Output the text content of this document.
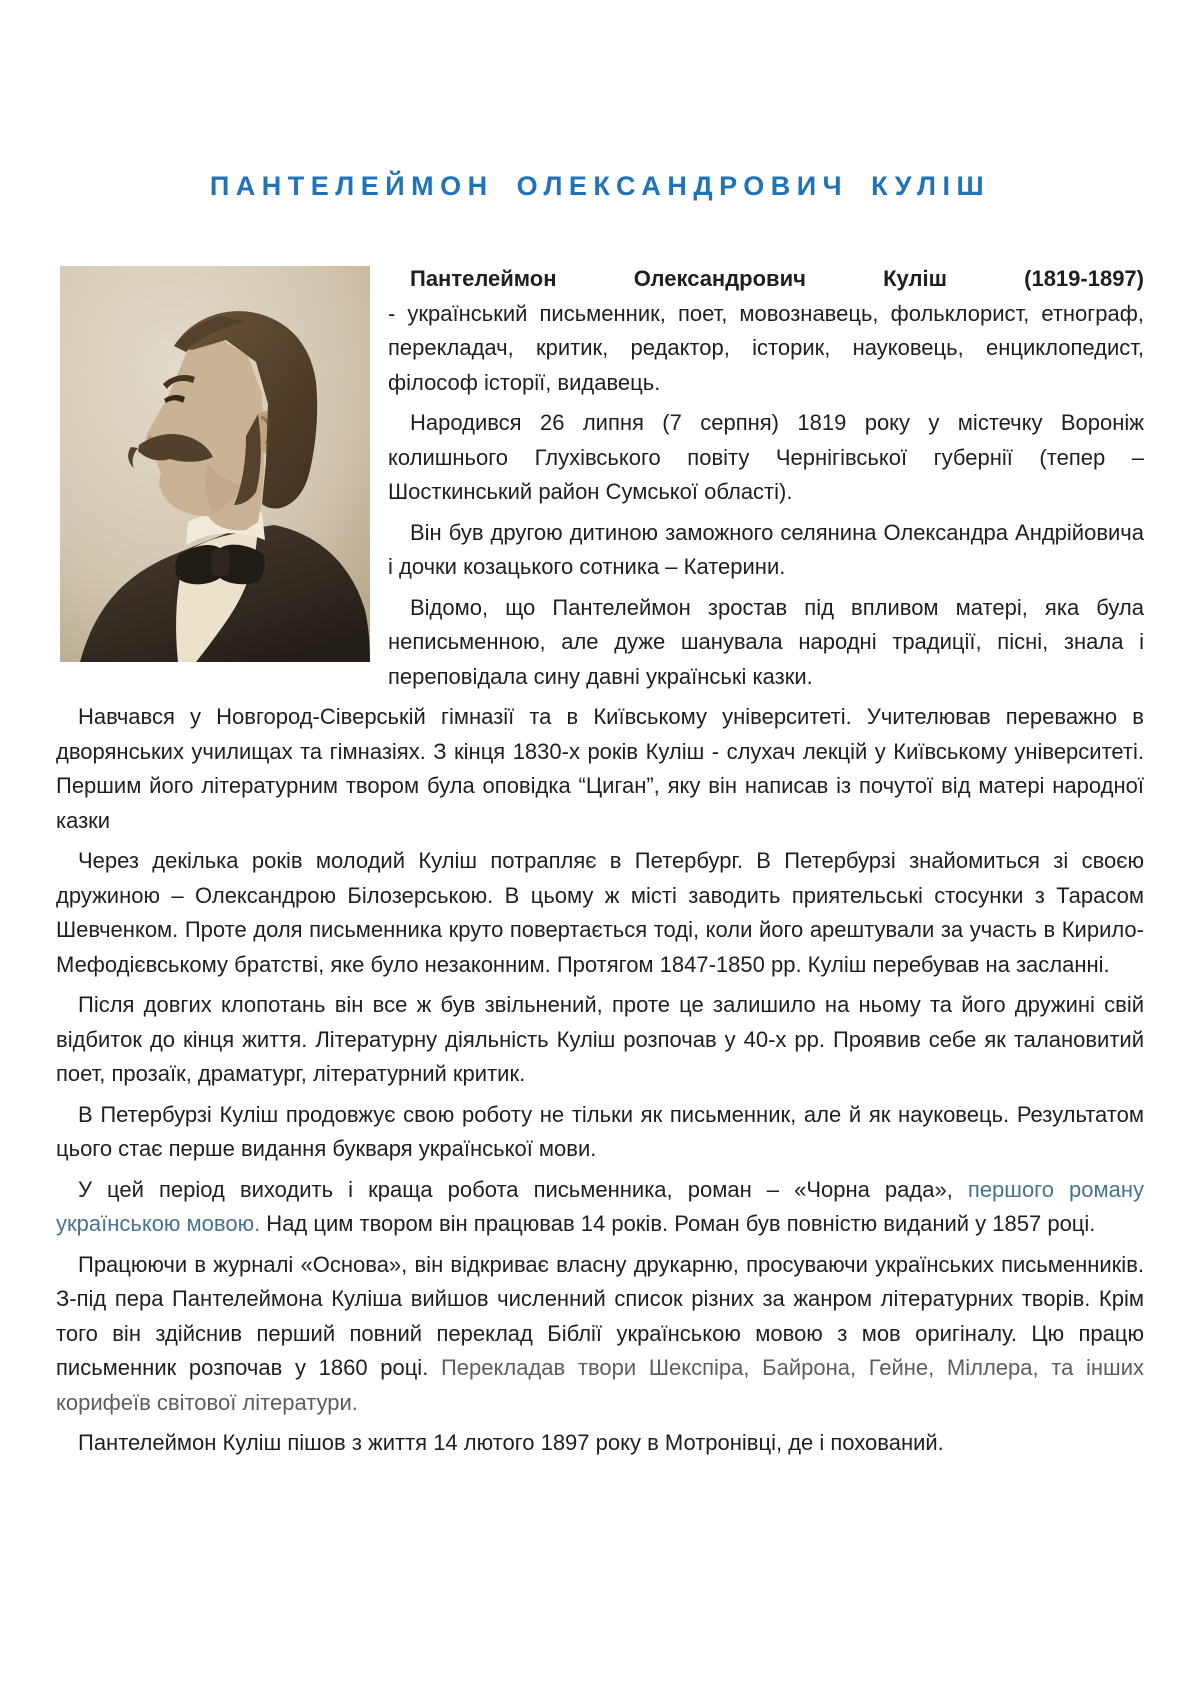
ПАНТЕЛЕЙМОН ОЛЕКСАНДРОВИЧ КУЛІШ

Пантелеймон Олександрович Куліш (1819-1897)
- український письменник, поет, мовознавець, фольклорист, етнограф, перекладач, критик, редактор, історик, науковець, енциклопедист, філософ історії, видавець.

Народився 26 липня (7 серпня) 1819 року у містечку Вороніж колишнього Глухівського повіту Чернігівської губернії (тепер – Шосткинський район Сумської області).

Він був другою дитиною заможного селянина Олександра Андрійовича і дочки козацького сотника – Катерини.

Відомо, що Пантелеймон зростав під впливом матері, яка була неписьменною, але дуже шанувала народні традиції, пісні, знала і переповідала сину давні українські казки.

Навчався у Новгород-Сіверській гімназії та в Київському університеті. Учителював переважно в дворянських училищах та гімназіях. З кінця 1830-х років Куліш - слухач лекцій у Київському університеті. Першим його літературним твором була оповідка “Циган”, яку він написав із почутої від матері народної казки

Через декілька років молодий Куліш потрапляє в Петербург. В Петербурзі знайомиться зі своєю дружиною – Олександрою Білозерською. В цьому ж місті заводить приятельські стосунки з Тарасом Шевченком. Проте доля письменника круто повертається тоді, коли його арештували за участь в Кирило-Мефодієвському братстві, яке було незаконним. Протягом 1847-1850 рр. Куліш перебував на засланні.

Після довгих клопотань він все ж був звільнений, проте це залишило на ньому та його дружині свій відбиток до кінця життя. Літературну діяльність Куліш розпочав у 40-х рр. Проявив себе як талановитий поет, прозаїк, драматург, літературний критик.

В Петербурзі Куліш продовжує свою роботу не тільки як письменник, але й як науковець. Результатом цього стає перше видання букваря української мови.

У цей період виходить і краща робота письменника, роман – «Чорна рада», першого роману українською мовою. Над цим твором він працював 14 років. Роман був повністю виданий у 1857 році.

Працюючи в журналі «Основа», він відкриває власну друкарню, просуваючи українських письменників. З-під пера Пантелеймона Куліша вийшов численний список різних за жанром літературних творів. Крім того він здійснив перший повний переклад Біблії українською мовою з мов оригіналу. Цю працю письменник розпочав у 1860 році. Перекладав твори Шекспіра, Байрона, Гейне, Міллера, та інших корифеїв світової літератури.

Пантелеймон Куліш пішов з життя 14 лютого 1897 року в Мотронівці, де і похований.
